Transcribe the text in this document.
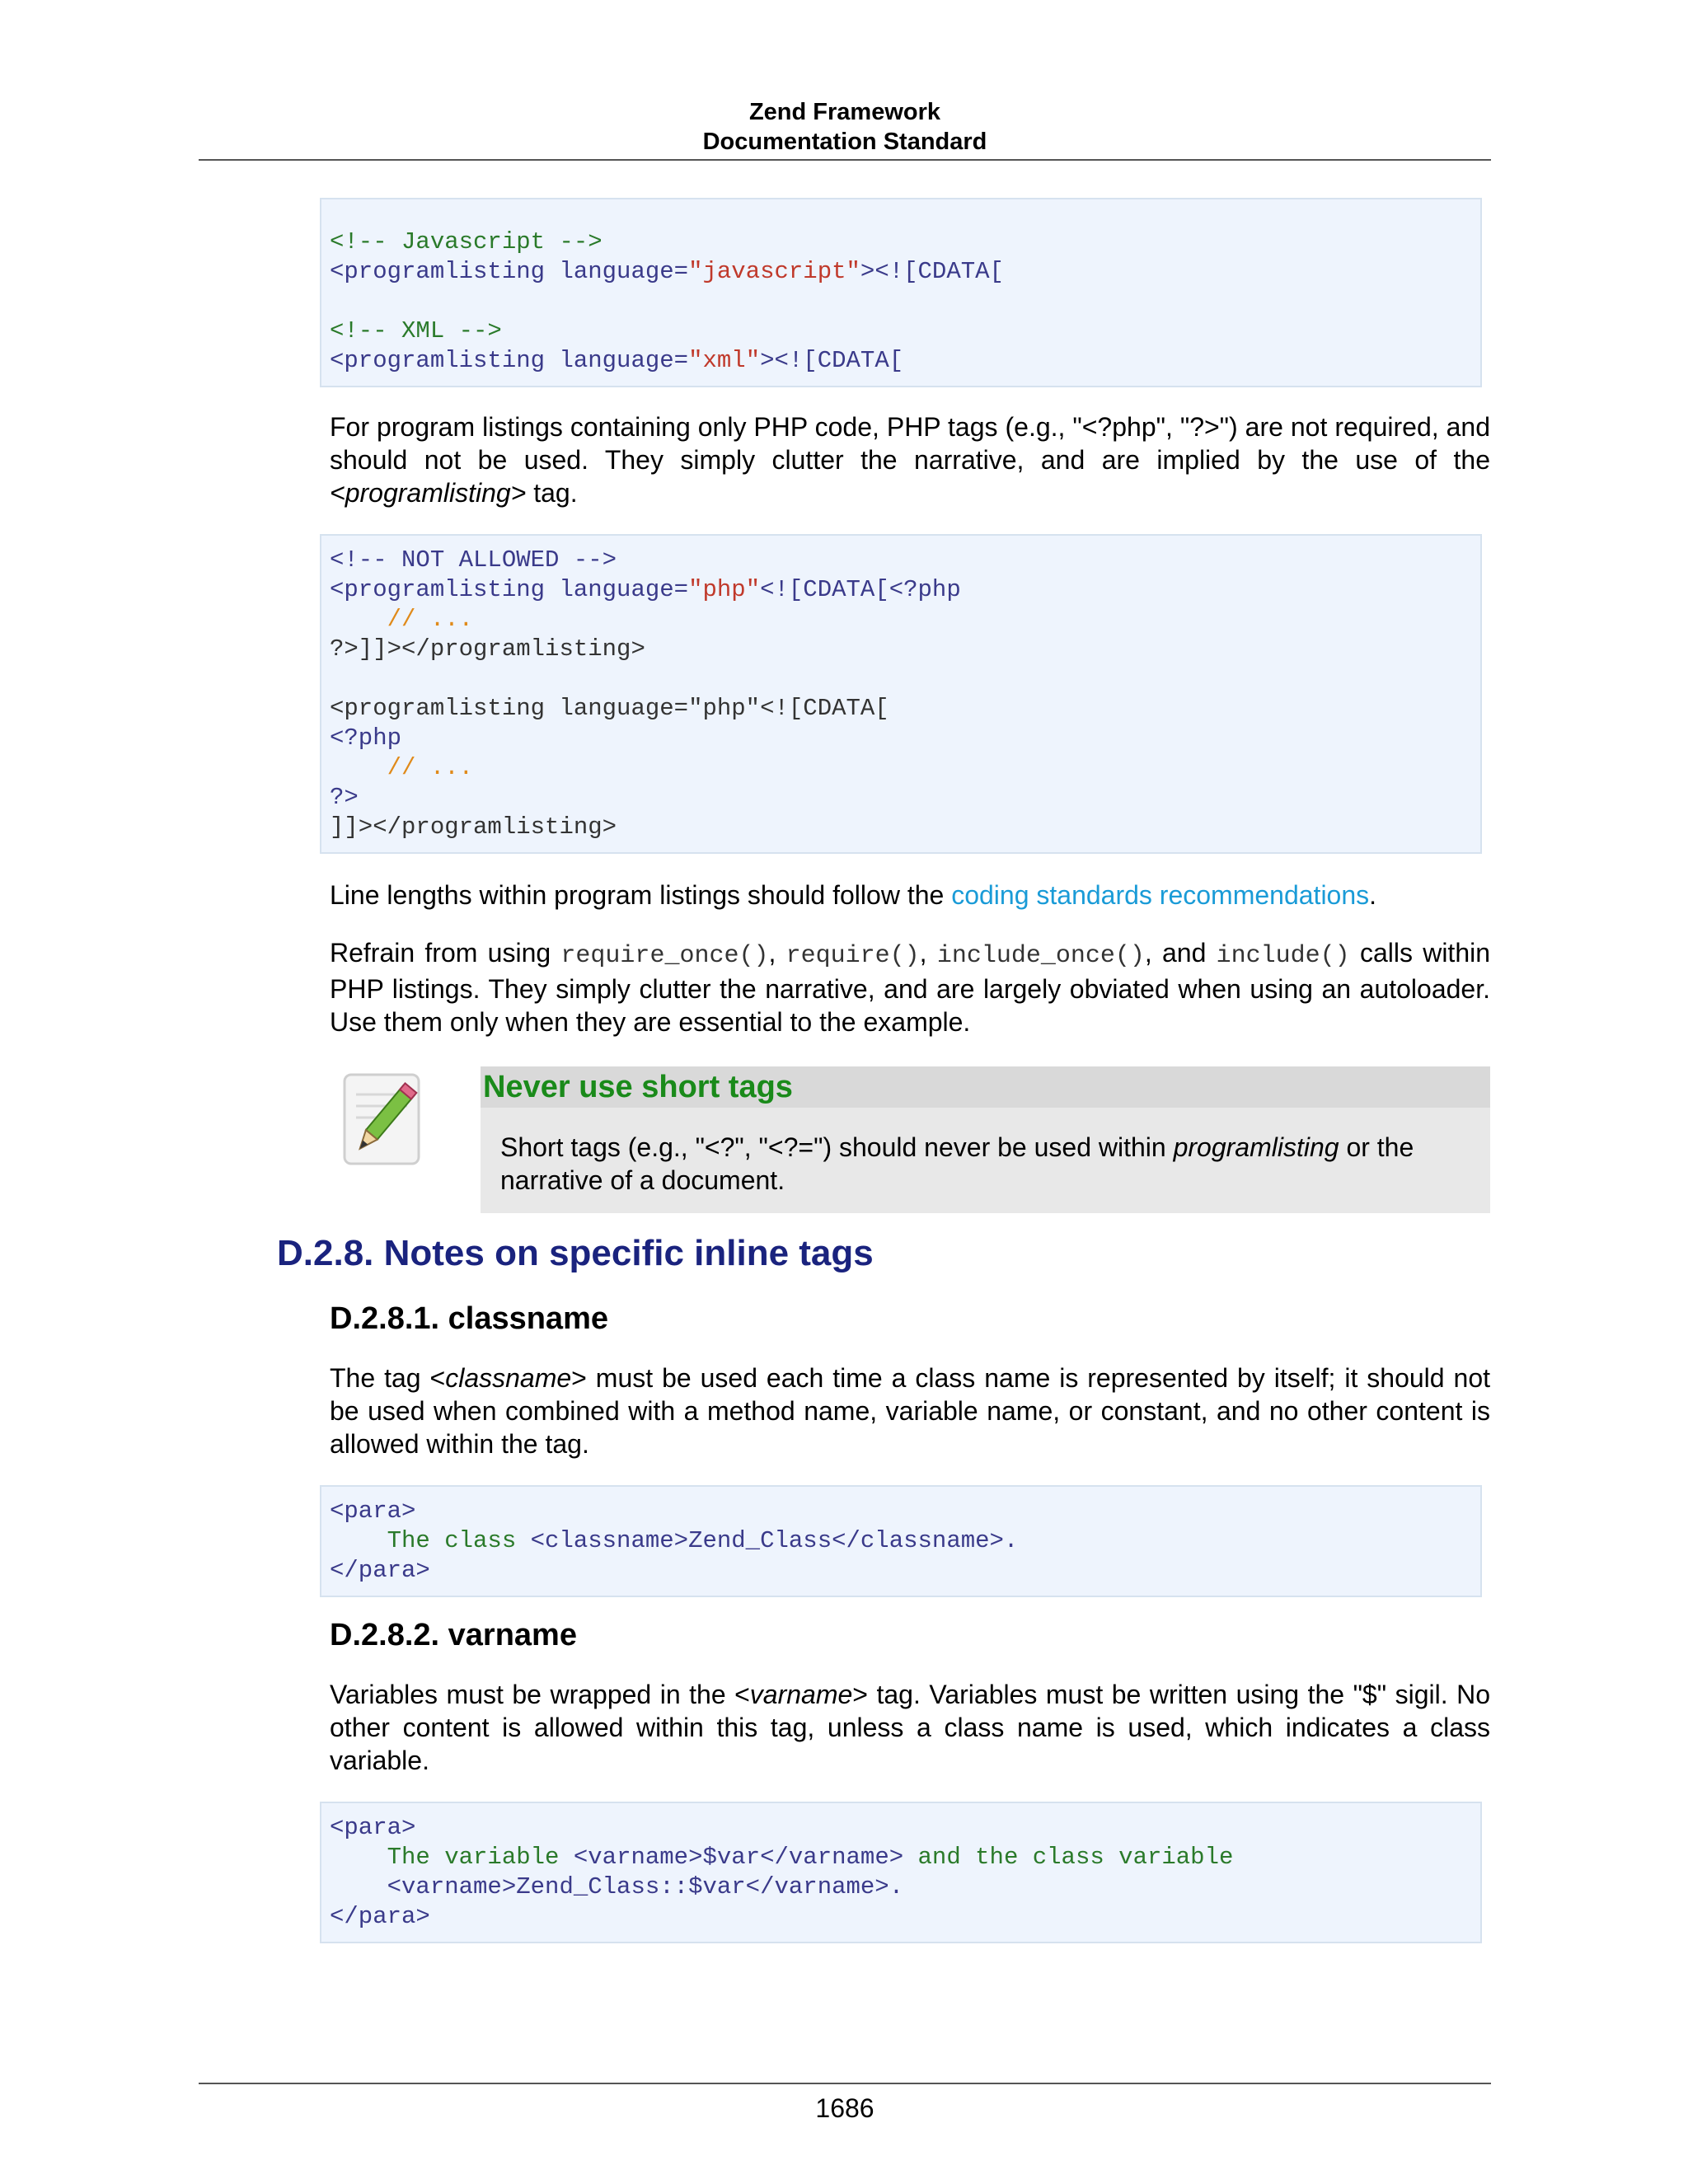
Zend Framework
Documentation Standard
<!-- Javascript -->
<programlisting language="javascript"><![CDATA[

<!-- XML -->
<programlisting language="xml"><![CDATA[

For program listings containing only PHP code, PHP tags (e.g., "<?php", "?>") are not required, and should not be used. They simply clutter the narrative, and are implied by the use of the <programlisting> tag.

<!-- NOT ALLOWED -->
<programlisting language="php"<![CDATA[<?php
// ...
?>]]></programlisting>

<programlisting language="php"<![CDATA[
<?php
// ...
?>
]]></programlisting>

Line lengths within program listings should follow the coding standards recommendations.

Refrain from using require_once(), require(), include_once(), and include() calls within PHP listings. They simply clutter the narrative, and are largely obviated when using an autoloader. Use them only when they are essential to the example.

Never use short tags
Short tags (e.g., "<?", "<?=") should never be used within programlisting or the narrative of a document.
D.2.8. Notes on specific inline tags
D.2.8.1. classname

The tag <classname> must be used each time a class name is represented by itself; it should not be used when combined with a method name, variable name, or constant, and no other content is allowed within the tag.

<para>
The class <classname>Zend_Class</classname>.
</para>
D.2.8.2. varname

Variables must be wrapped in the <varname> tag. Variables must be written using the "$" sigil. No other content is allowed within this tag, unless a class name is used, which indicates a class variable.

<para>
The variable <varname>$var</varname> and the class variable
<varname>Zend_Class::$var</varname>.
</para>
1686
